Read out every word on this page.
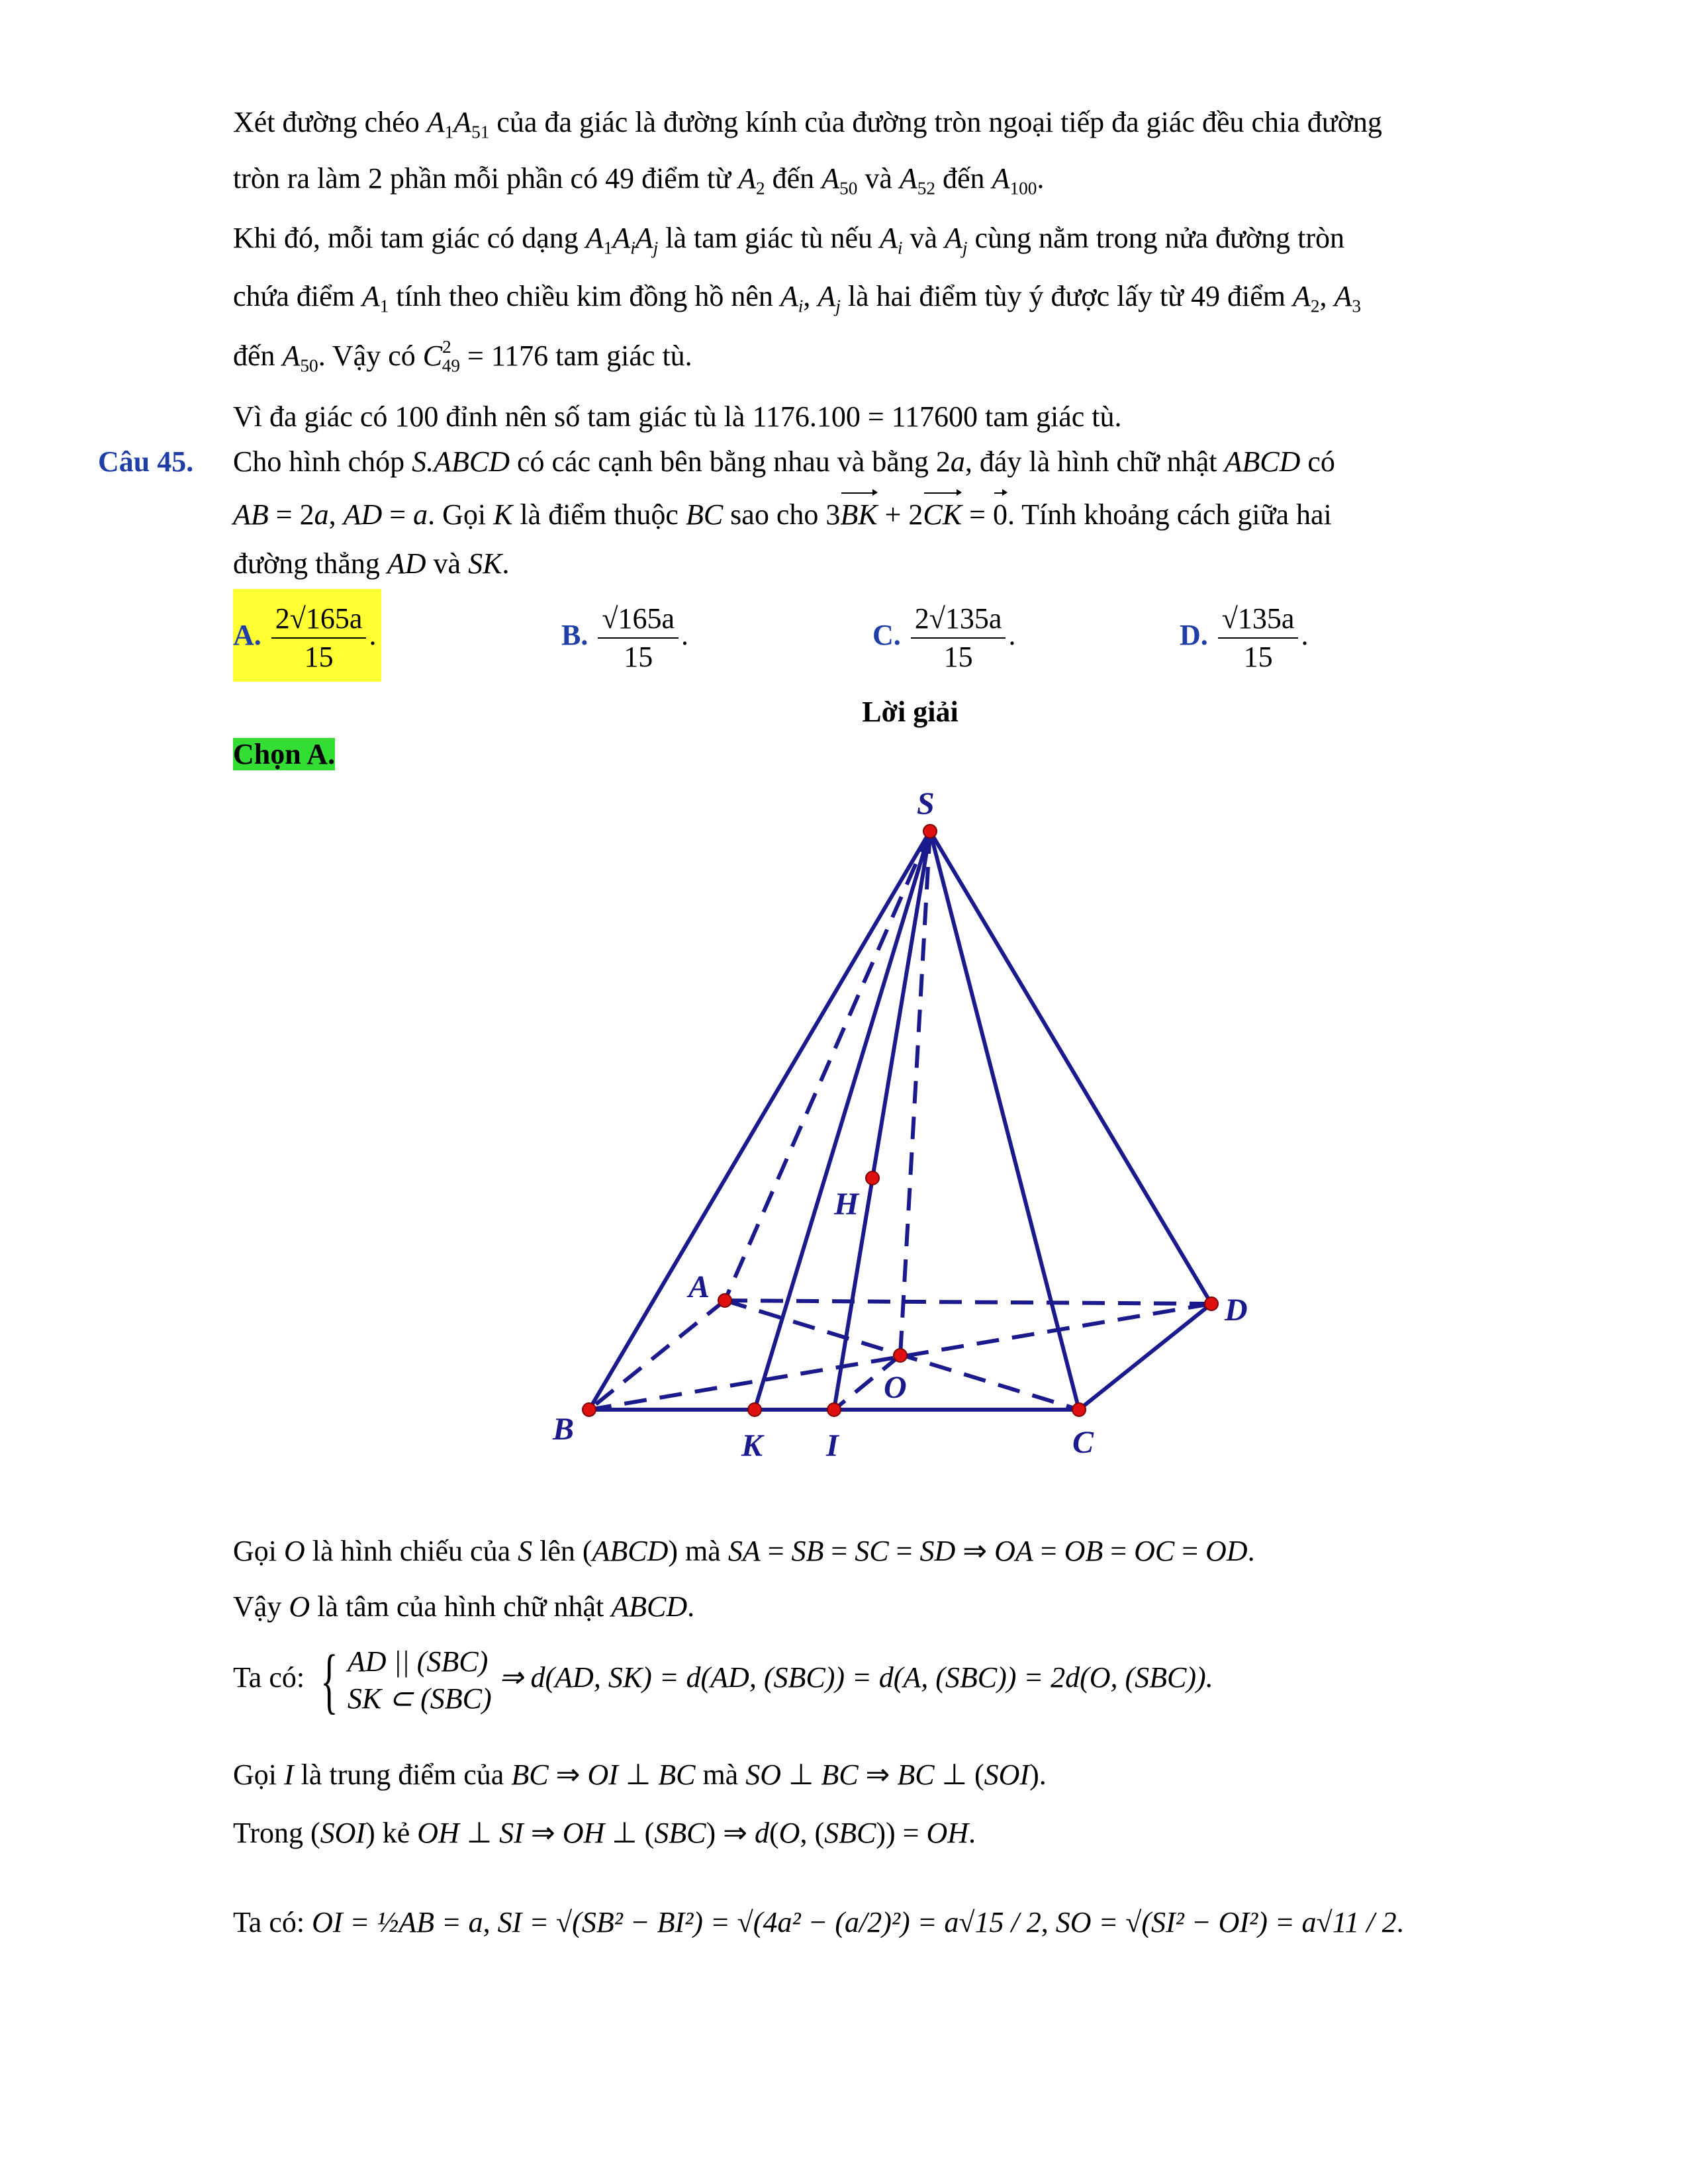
Xét đường chéo $A_1A_{51}$ của đa giác là đường kính của đường tròn ngoại tiếp đa giác đều chia đường
tròn ra làm 2 phần mỗi phần có 49 điểm từ $A_2$ đến $A_{50}$ và $A_{52}$ đến $A_{100}$.
Khi đó, mỗi tam giác có dạng $A_1A_iA_j$ là tam giác tù nếu $A_i$ và $A_j$ cùng nằm trong nửa đường tròn
chứa điểm $A_1$ tính theo chiều kim đồng hồ nên $A_i$, $A_j$ là hai điểm tùy ý được lấy từ 49 điểm $A_2$, $A_3$
đến $A_{50}$. Vậy có $C^2_{49} = 1176$ tam giác tù.
Vì đa giác có 100 đỉnh nên số tam giác tù là 1176.100 = 117600 tam giác tù.
Câu 45. Cho hình chóp S.ABCD có các cạnh bên bằng nhau và bằng 2a, đáy là hình chữ nhật ABCD có
AB = 2a, AD = a. Gọi K là điểm thuộc BC sao cho 3BK + 2CK = 0. Tính khoảng cách giữa hai
đường thẳng AD và SK.
A. $\frac{2√165a}{15}$ .	B. $\frac{√165a}{15}$ .	C. $\frac{2√135a}{15}$ .	D. $\frac{√135a}{15}$ .
Lời giải
Chọn A.
S
A
B	C
D
K I
H
O
Gọi O là hình chiếu của S lên (ABCD) mà SA = SB = SC = SD ⇒ OA = OB = OC = OD.
Vậy O là tâm của hình chữ nhật ABCD.
Ta có: { AD || (SBC)
SK ⊂ (SBC)
⇒ d(AD, SK) = d(AD, (SBC)) = d(A, (SBC)) = 2d(O, (SBC)).
Gọi I là trung điểm của BC ⇒ OI ⊥ BC mà SO ⊥ BC ⇒ BC ⊥ (SOI).
Trong (SOI) kẻ OH ⊥ SI ⇒ OH ⊥ (SBC) ⇒ d(O, (SBC)) = OH.
Ta có: OI = ½AB = a, SI = √(SB² − BI²) = √(4a² − (a/2)²) = a√15 / 2, SO = √(SI² − OI²) = a√11 / 2.
